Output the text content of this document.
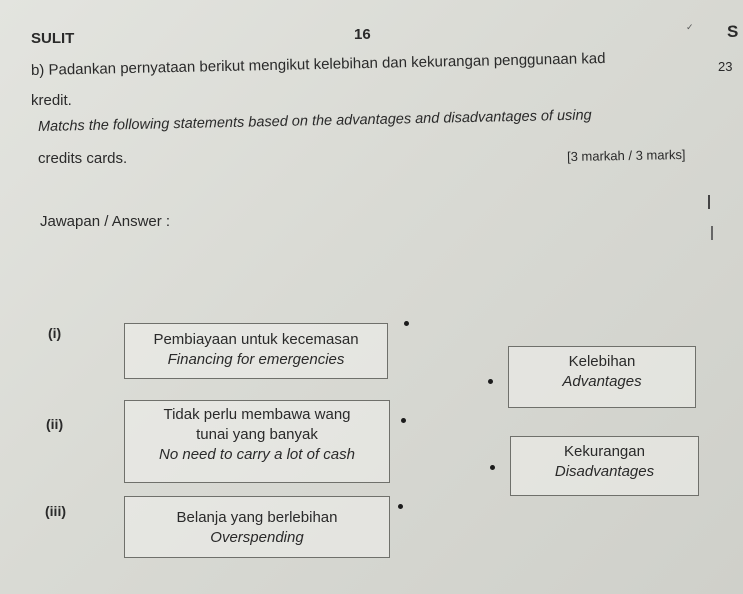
SULIT	16	S
23
✓
b) Padankan pernyataan berikut mengikut kelebihan dan kekurangan penggunaan kad
kredit.
Matchs the following statements based on the advantages and disadvantages of using
credits cards.	[3 markah / 3 marks]
Jawapan / Answer :
(i)	Pembiayaan untuk kecemasan
Financing for emergencies	Kelebihan
Advantages
(ii)
Tidak perlu membawa wang
tunai yang banyak
No need to carry a lot of cash	Kekurangan
Disadvantages
(iii)	Belanja yang berlebihan
Overspending
